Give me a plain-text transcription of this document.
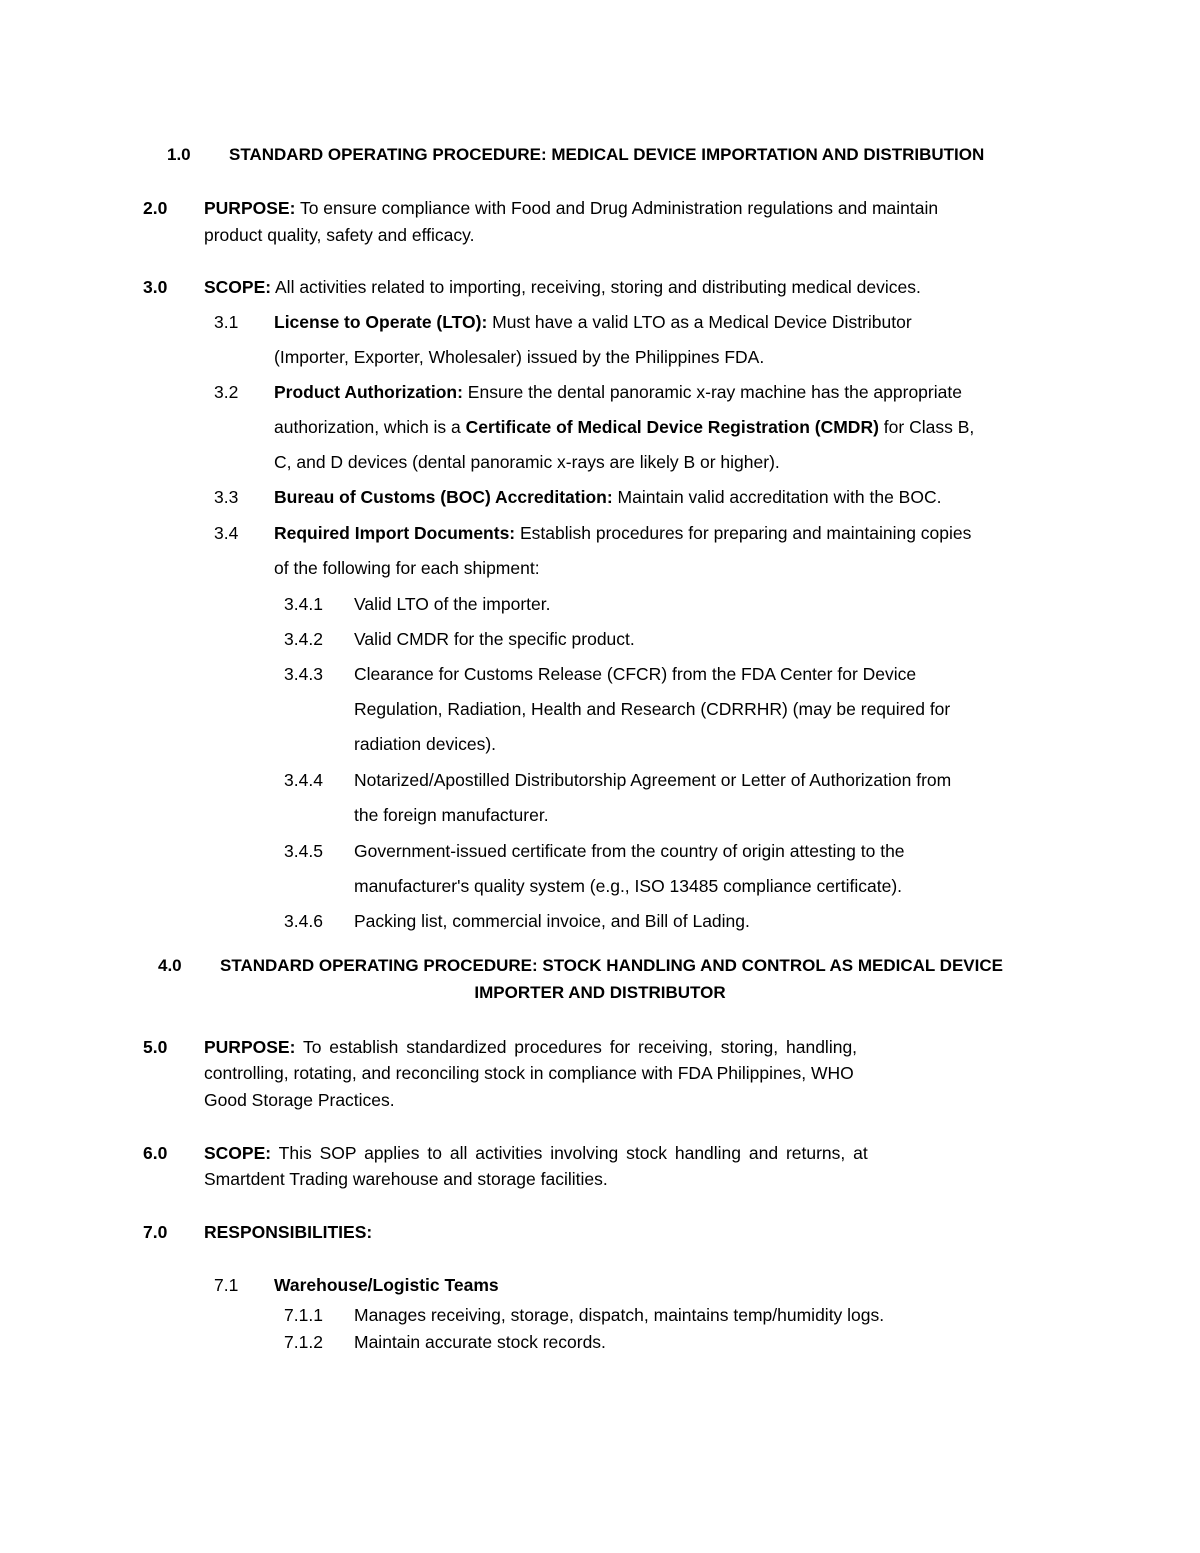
1.0 STANDARD OPERATING PROCEDURE: MEDICAL DEVICE IMPORTATION AND DISTRIBUTION
2.0 PURPOSE: To ensure compliance with Food and Drug Administration regulations and maintain
product quality, safety and efficacy.
3.0 SCOPE: All activities related to importing, receiving, storing and distributing medical devices.
3.1 License to Operate (LTO): Must have a valid LTO as a Medical Device Distributor
(Importer, Exporter, Wholesaler) issued by the Philippines FDA.
3.2 Product Authorization: Ensure the dental panoramic x-ray machine has the appropriate
authorization, which is a Certificate of Medical Device Registration (CMDR) for Class B,
C, and D devices (dental panoramic x-rays are likely B or higher).
3.3 Bureau of Customs (BOC) Accreditation: Maintain valid accreditation with the BOC.
3.4 Required Import Documents: Establish procedures for preparing and maintaining copies
of the following for each shipment:
3.4.1 Valid LTO of the importer.
3.4.2 Valid CMDR for the specific product.
3.4.3 Clearance for Customs Release (CFCR) from the FDA Center for Device
Regulation, Radiation, Health and Research (CDRRHR) (may be required for
radiation devices).
3.4.4 Notarized/Apostilled Distributorship Agreement or Letter of Authorization from
the foreign manufacturer.
3.4.5 Government-issued certificate from the country of origin attesting to the
manufacturer's quality system (e.g., ISO 13485 compliance certificate).
3.4.6 Packing list, commercial invoice, and Bill of Lading.
4.0 STANDARD OPERATING PROCEDURE: STOCK HANDLING AND CONTROL AS MEDICAL DEVICE
IMPORTER AND DISTRIBUTOR
5.0 PURPOSE: To establish standardized procedures for receiving, storing, handling,
controlling, rotating, and reconciling stock in compliance with FDA Philippines, WHO
Good Storage Practices.
6.0 SCOPE: This SOP applies to all activities involving stock handling and returns, at
Smartdent Trading warehouse and storage facilities.
7.0 RESPONSIBILITIES:
7.1 Warehouse/Logistic Teams
7.1.1 Manages receiving, storage, dispatch, maintains temp/humidity logs.
7.1.2 Maintain accurate stock records.
